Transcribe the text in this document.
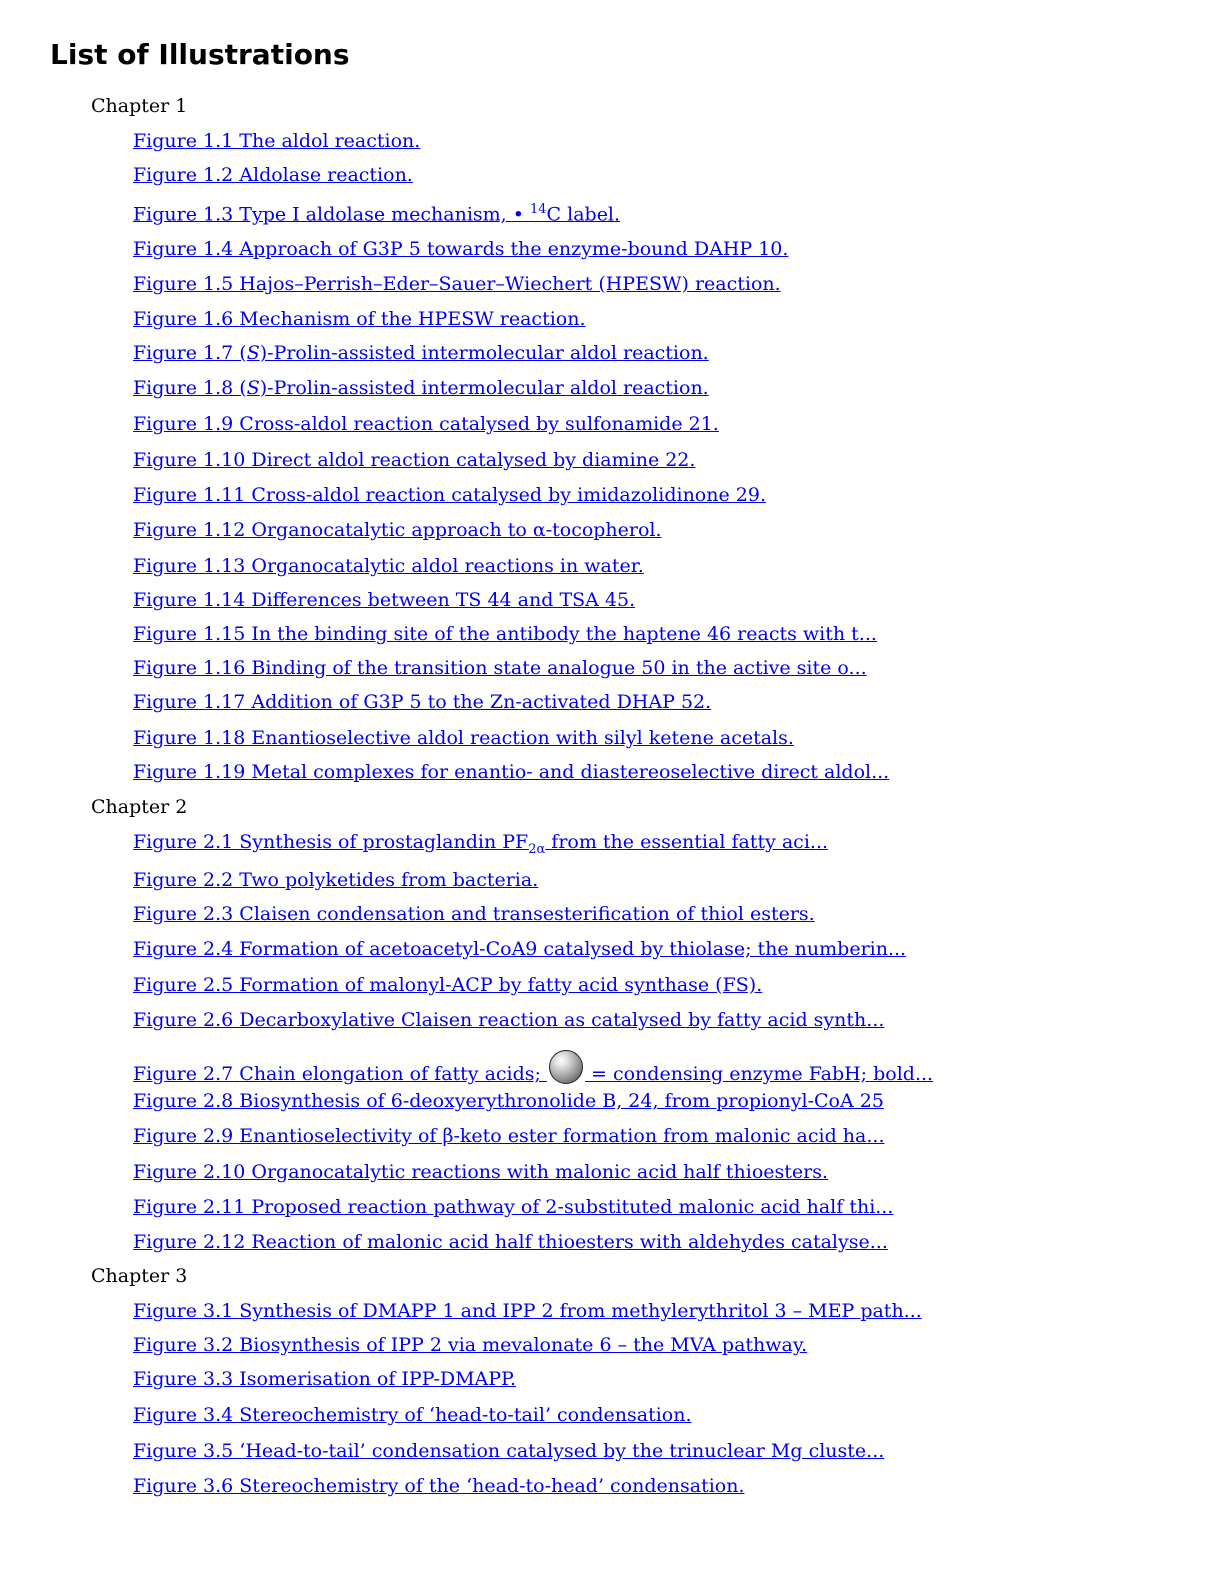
List of Illustrations
Chapter 1
Figure 1.1 The aldol reaction.
Figure 1.2 Aldolase reaction.
Figure 1.3 Type I aldolase mechanism, • $^{14}$C label.
Figure 1.4 Approach of G3P 5 towards the enzyme-bound DAHP 10.
Figure 1.5 Hajos–Perrish–Eder–Sauer–Wiechert (HPESW) reaction.
Figure 1.6 Mechanism of the HPESW reaction.
Figure 1.7 (S)-Prolin-assisted intermolecular aldol reaction.
Figure 1.8 (S)-Prolin-assisted intermolecular aldol reaction.
Figure 1.9 Cross-aldol reaction catalysed by sulfonamide 21.
Figure 1.10 Direct aldol reaction catalysed by diamine 22.
Figure 1.11 Cross-aldol reaction catalysed by imidazolidinone 29.
Figure 1.12 Organocatalytic approach to α-tocopherol.
Figure 1.13 Organocatalytic aldol reactions in water.
Figure 1.14 Differences between TS 44 and TSA 45.
Figure 1.15 In the binding site of the antibody the haptene 46 reacts with t...
Figure 1.16 Binding of the transition state analogue 50 in the active site o...
Figure 1.17 Addition of G3P 5 to the Zn-activated DHAP 52.
Figure 1.18 Enantioselective aldol reaction with silyl ketene acetals.
Figure 1.19 Metal complexes for enantio- and diastereoselective direct aldol...
Chapter 2
Figure 2.1 Synthesis of prostaglandin $PF_{2\alpha}$ from the essential fatty aci...
Figure 2.2 Two polyketides from bacteria.
Figure 2.3 Claisen condensation and transesterification of thiol esters.
Figure 2.4 Formation of acetoacetyl-CoA9 catalysed by thiolase; the numberin...
Figure 2.5 Formation of malonyl-ACP by fatty acid synthase (FS).
Figure 2.6 Decarboxylative Claisen reaction as catalysed by fatty acid synth...
Figure 2.7 Chain elongation of fatty acids;  = condensing enzyme FabH; bold...
Figure 2.8 Biosynthesis of 6-deoxyerythronolide B, 24, from propionyl-CoA 25
Figure 2.9 Enantioselectivity of β-keto ester formation from malonic acid ha...
Figure 2.10 Organocatalytic reactions with malonic acid half thioesters.
Figure 2.11 Proposed reaction pathway of 2-substituted malonic acid half thi...
Figure 2.12 Reaction of malonic acid half thioesters with aldehydes catalyse...
Chapter 3
Figure 3.1 Synthesis of DMAPP 1 and IPP 2 from methylerythritol 3 – MEP path...
Figure 3.2 Biosynthesis of IPP 2 via mevalonate 6 – the MVA pathway.
Figure 3.3 Isomerisation of IPP-DMAPP.
Figure 3.4 Stereochemistry of ‘head-to-tail’ condensation.
Figure 3.5 ‘Head-to-tail’ condensation catalysed by the trinuclear Mg cluste...
Figure 3.6 Stereochemistry of the ‘head-to-head’ condensation.
